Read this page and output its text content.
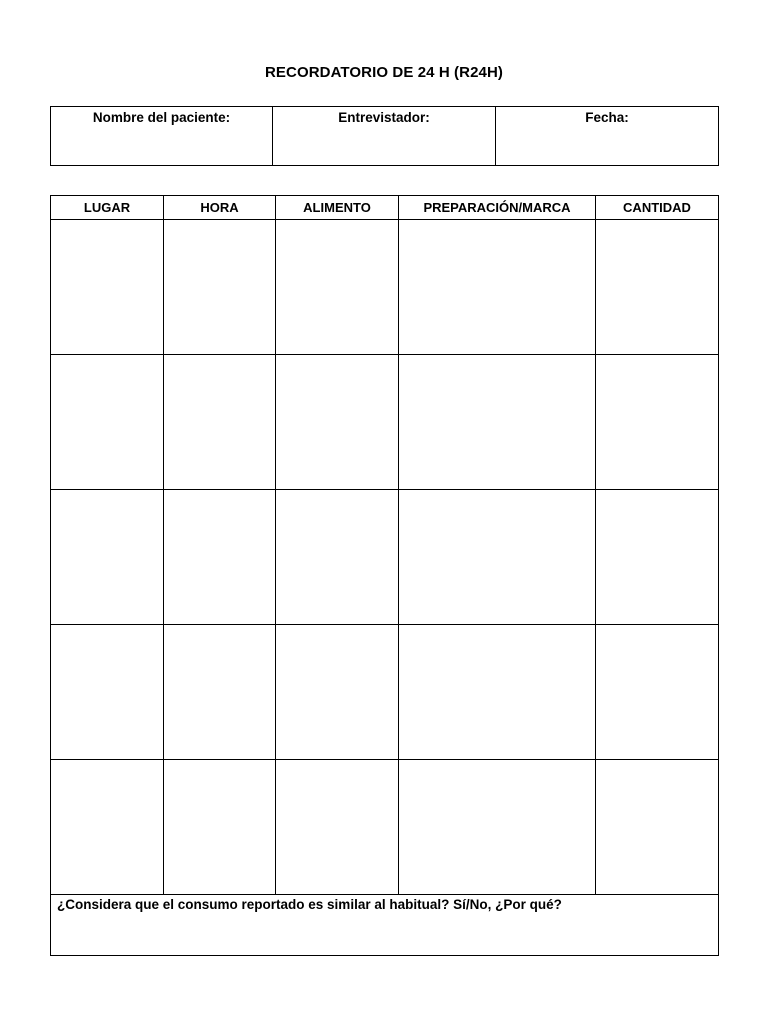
RECORDATORIO DE 24 H (R24H)
Nombre del paciente:	Entrevistador:	Fecha:
LUGAR	HORA	ALIMENTO	PREPARACIÓN/MARCA	CANTIDAD

¿Considera que el consumo reportado es similar al habitual? Sí/No, ¿Por qué?				
